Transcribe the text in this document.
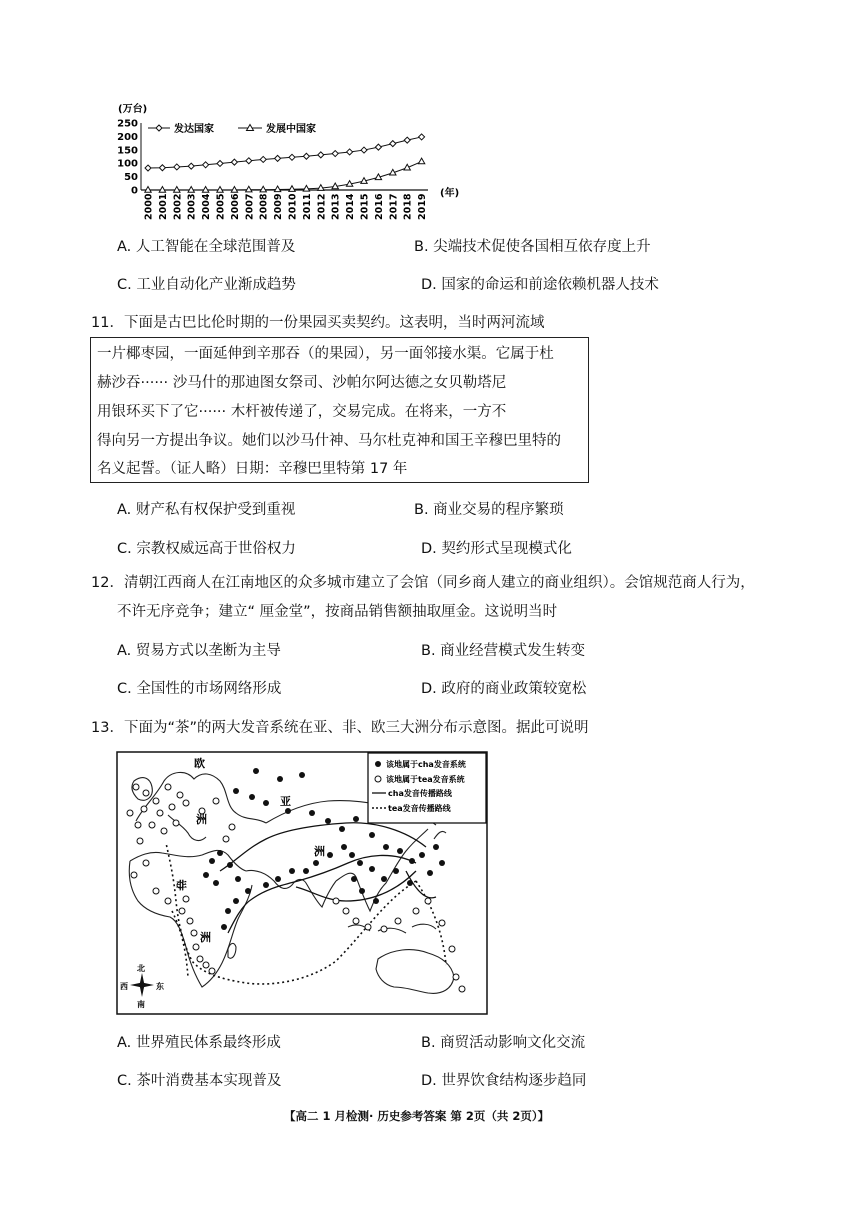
(万台)
250
200
150
100
50
0
2000 2001 2002 2003 2004 2005 2006 2007 2008 2009 2010 2011 2012 2013 2014 2015 2016 2017 2018 2019
(年)
发达国家	发展中国家
A. 人工智能在全球范围普及	B. 尖端技术促使各国相互依存度上升
C. 工业自动化产业渐成趋势	D. 国家的命运和前途依赖机器人技术
11．下面是古巴比伦时期的一份果园买卖契约。这表明，当时两河流域
一片椰枣园，一面延伸到辛那吞（的果园），另一面邻接水渠。它属于杜
赫沙吞······ 沙马什的那迪图女祭司、沙帕尔阿达德之女贝勒塔尼
用银环买下了它······ 木杆被传递了，交易完成。在将来，一方不
得向另一方提出争议。她们以沙马什神、马尔杜克神和国王辛穆巴里特的
名义起誓。（证人略）日期：辛穆巴里特第 17 年
A. 财产私有权保护受到重视	B. 商业交易的程序繁琐
C. 宗教权威远高于世俗权力	D. 契约形式呈现模式化
12．清朝江西商人在江南地区的众多城市建立了会馆（同乡商人建立的商业组织）。会馆规范商人行为，
不许无序竞争；建立“ 厘金堂”，按商品销售额抽取厘金。这说明当时
A. 贸易方式以垄断为主导	B. 商业经营模式发生转变
C. 全国性的市场网络形成	D. 政府的商业政策较宽松
13．下面为“茶”的两大发音系统在亚、非、欧三大洲分布示意图。据此可说明
欧
洲
亚
洲
非
洲
北
南
东
西
该地属于cha发音系统
该地属于tea发音系统
cha发音传播路线
tea发音传播路线
A. 世界殖民体系最终形成	B. 商贸活动影响文化交流
C. 茶叶消费基本实现普及	D. 世界饮食结构逐步趋同
【高二 1 月检测· 历史参考答案 第 2页（共 2页）】
